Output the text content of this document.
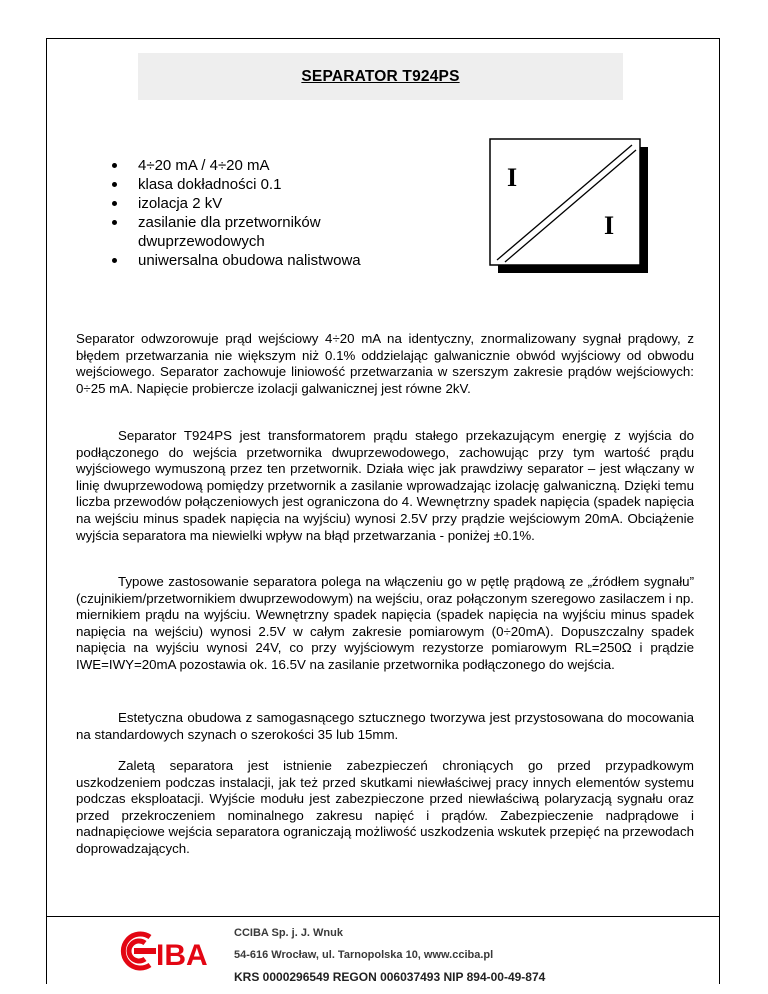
SEPARATOR T924PS
4÷20 mA / 4÷20 mA
klasa dokładności 0.1
izolacja 2 kV
zasilanie dla przetworników dwuprzewodowych
uniwersalna obudowa nalistwowa
I
I

Separator odwzorowuje prąd wejściowy 4÷20 mA na identyczny, znormalizowany sygnał prądowy, z błędem przetwarzania nie większym niż 0.1% oddzielając galwanicznie obwód wyjściowy od obwodu wejściowego. Separator zachowuje liniowość przetwarzania w szerszym zakresie prądów wejściowych: 0÷25 mA. Napięcie probiercze izolacji galwanicznej jest równe 2kV.

Separator T924PS jest transformatorem prądu stałego przekazującym energię z wyjścia do podłączonego do wejścia przetwornika dwuprzewodowego, zachowując przy tym wartość prądu wyjściowego wymuszoną przez ten przetwornik. Działa więc jak prawdziwy separator – jest włączany w linię dwuprzewodową pomiędzy przetwornik a zasilanie wprowadzając izolację galwaniczną. Dzięki temu liczba przewodów połączeniowych jest ograniczona do 4. Wewnętrzny spadek napięcia (spadek napięcia na wejściu minus spadek napięcia na wyjściu) wynosi 2.5V przy prądzie wejściowym 20mA. Obciążenie wyjścia separatora ma niewielki wpływ na błąd przetwarzania - poniżej ±0.1%.

Typowe zastosowanie separatora polega na włączeniu go w pętlę prądową ze „źródłem sygnału” (czujnikiem/przetwornikiem dwuprzewodowym) na wejściu, oraz połączonym szeregowo zasilaczem i np. miernikiem prądu na wyjściu. Wewnętrzny spadek napięcia (spadek napięcia na wyjściu minus spadek napięcia na wejściu) wynosi 2.5V w całym zakresie pomiarowym (0÷20mA). Dopuszczalny spadek napięcia na wyjściu wynosi 24V, co przy wyjściowym rezystorze pomiarowym RL=250Ω i prądzie IWE=IWY=20mA pozostawia ok. 16.5V na zasilanie przetwornika podłączonego do wejścia.

Estetyczna obudowa z samogasnącego sztucznego tworzywa jest przystosowana do mocowania na standardowych szynach o szerokości 35 lub 15mm.

Zaletą separatora jest istnienie zabezpieczeń chroniących go przed przypadkowym uszkodzeniem podczas instalacji, jak też przed skutkami niewłaściwej pracy innych elementów systemu podczas eksploatacji. Wyjście modułu jest zabezpieczone przed niewłaściwą polaryzacją sygnału oraz przed przekroczeniem nominalnego zakresu napięć i prądów. Zabezpieczenie nadprądowe i nadnapięciowe wejścia separatora ograniczają możliwość uszkodzenia wskutek przepięć na przewodach doprowadzających.

IBA
CCIBA Sp. j. J. Wnuk
54-616 Wrocław, ul. Tarnopolska 10, www.cciba.pl
KRS 0000296549 REGON 006037493 NIP 894-00-49-874
